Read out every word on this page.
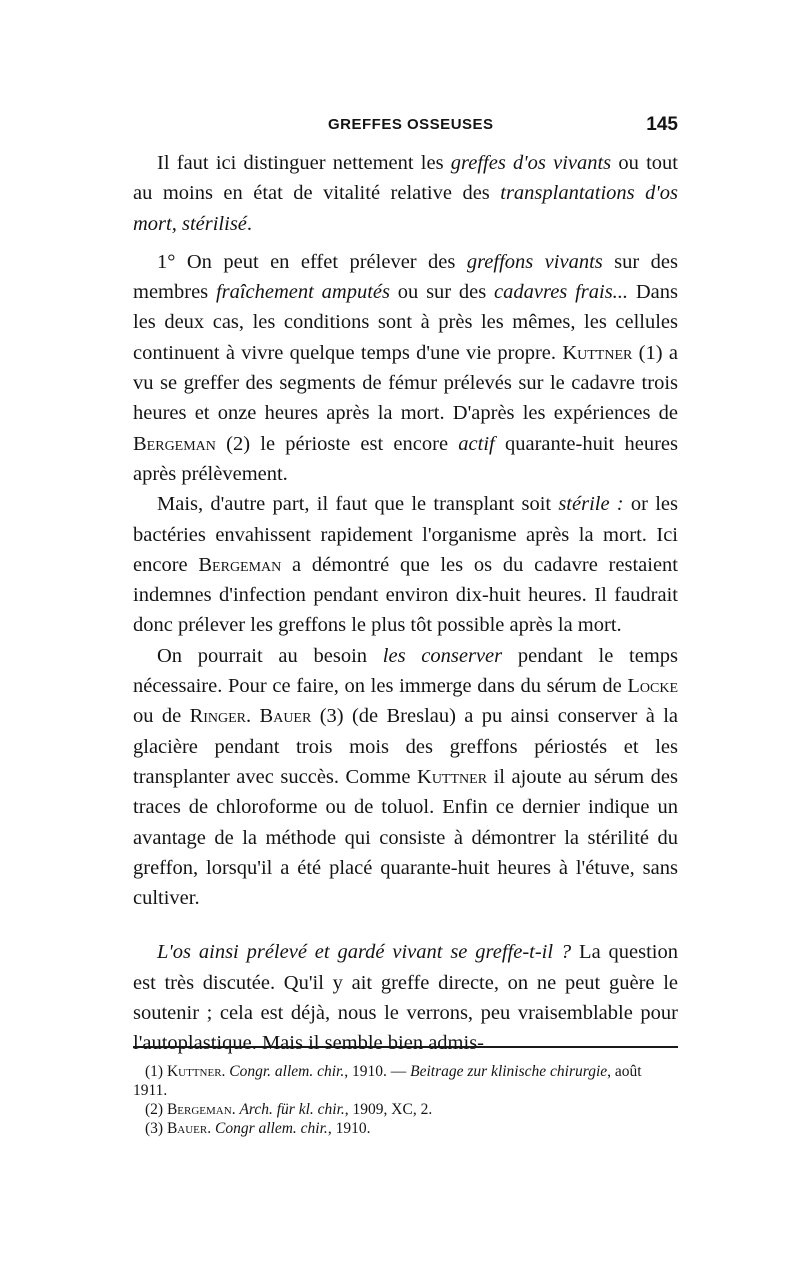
GREFFES OSSEUSES	145

Il faut ici distinguer nettement les greffes d'os vivants ou tout au moins en état de vitalité relative des transplantations d'os mort, stérilisé.

1° On peut en effet prélever des greffons vivants sur des membres fraîchement amputés ou sur des cadavres frais... Dans les deux cas, les conditions sont à près les mêmes, les cellules continuent à vivre quelque temps d'une vie propre. Kuttner (1) a vu se greffer des segments de fémur prélevés sur le cadavre trois heures et onze heures après la mort. D'après les expériences de Bergeman (2) le périoste est encore actif quarante-huit heures après prélèvement.

Mais, d'autre part, il faut que le transplant soit stérile : or les bactéries envahissent rapidement l'organisme après la mort. Ici encore Bergeman a démontré que les os du cadavre restaient indemnes d'infection pendant environ dix-huit heures. Il faudrait donc prélever les greffons le plus tôt possible après la mort.

On pourrait au besoin les conserver pendant le temps nécessaire. Pour ce faire, on les immerge dans du sérum de Locke ou de Ringer. Bauer (3) (de Breslau) a pu ainsi conserver à la glacière pendant trois mois des greffons périostés et les transplanter avec succès. Comme Kuttner il ajoute au sérum des traces de chloroforme ou de toluol. Enfin ce dernier indique un avantage de la méthode qui consiste à démontrer la stérilité du greffon, lorsqu'il a été placé quarante-huit heures à l'étuve, sans cultiver.

L'os ainsi prélevé et gardé vivant se greffe-t-il ? La question est très discutée. Qu'il y ait greffe directe, on ne peut guère le soutenir ; cela est déjà, nous le verrons, peu vraisemblable pour l'autoplastique. Mais il semble bien admis-

(1) Kuttner. Congr. allem. chir., 1910. — Beitrage zur klinische chirurgie, août 1911.

(2) Bergeman. Arch. für kl. chir., 1909, XC, 2.

(3) Bauer. Congr allem. chir., 1910.
